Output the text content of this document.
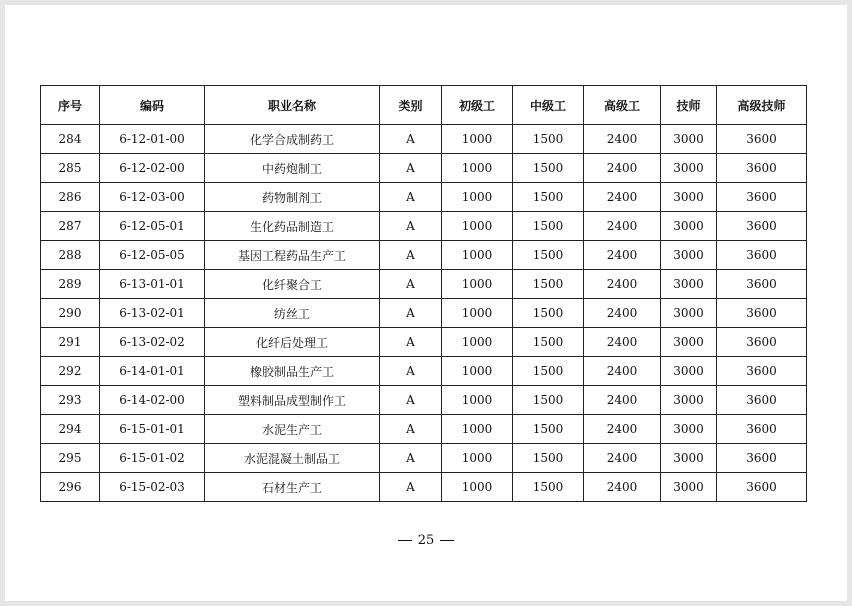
序号	编码	职业名称	类别	初级工	中级工	高级工	技师	高级技师
284	6-12-01-00	化学合成制药工	A	1000	1500	2400	3000	3600
285	6-12-02-00	中药炮制工	A	1000	1500	2400	3000	3600
286	6-12-03-00	药物制剂工	A	1000	1500	2400	3000	3600
287	6-12-05-01	生化药品制造工	A	1000	1500	2400	3000	3600
288	6-12-05-05	基因工程药品生产工	A	1000	1500	2400	3000	3600
289	6-13-01-01	化纤聚合工	A	1000	1500	2400	3000	3600
290	6-13-02-01	纺丝工	A	1000	1500	2400	3000	3600
291	6-13-02-02	化纤后处理工	A	1000	1500	2400	3000	3600
292	6-14-01-01	橡胶制品生产工	A	1000	1500	2400	3000	3600
293	6-14-02-00	塑料制品成型制作工	A	1000	1500	2400	3000	3600
294	6-15-01-01	水泥生产工	A	1000	1500	2400	3000	3600
295	6-15-01-02	水泥混凝土制品工	A	1000	1500	2400	3000	3600
296	6-15-02-03	石材生产工	A	1000	1500	2400	3000	3600
25
